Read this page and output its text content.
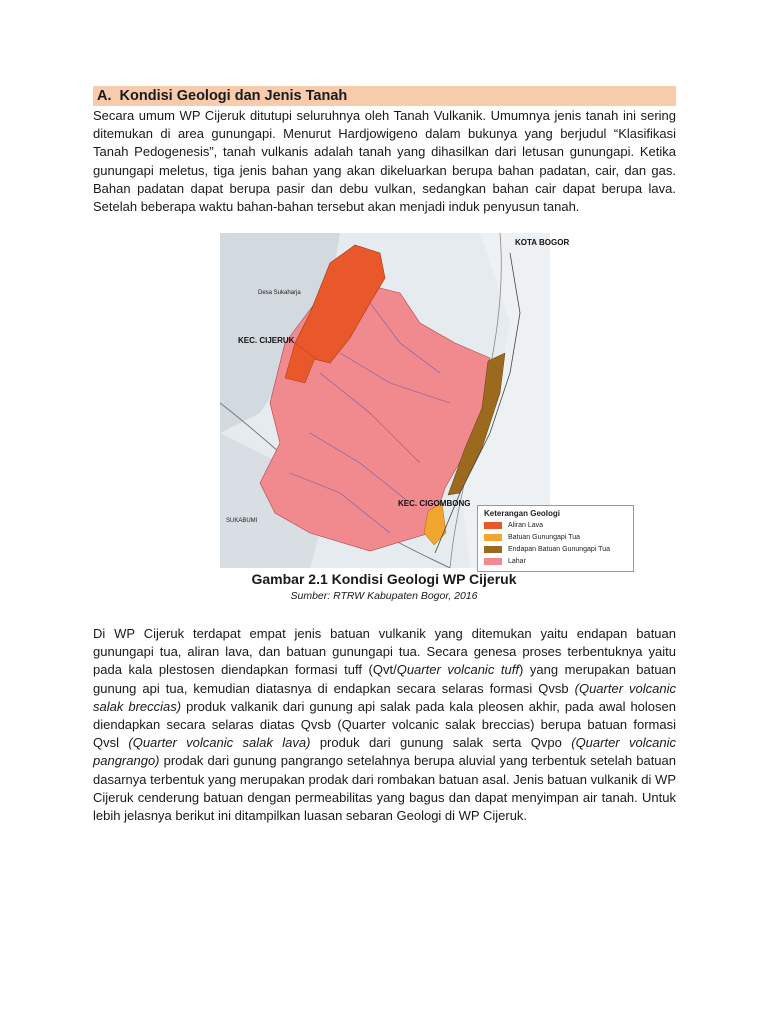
A. Kondisi Geologi dan Jenis Tanah

Secara umum WP Cijeruk ditutupi seluruhnya oleh Tanah Vulkanik. Umumnya jenis tanah ini sering ditemukan di area gunungapi. Menurut Hardjowigeno dalam bukunya yang berjudul “Klasifikasi Tanah Pedogenesis”, tanah vulkanis adalah tanah yang dihasilkan dari letusan gunungapi. Ketika gunungapi meletus, tiga jenis bahan yang akan dikeluarkan berupa bahan padatan, cair, dan gas. Bahan padatan dapat berupa pasir dan debu vulkan, sedangkan bahan cair dapat berupa lava. Setelah beberapa waktu bahan-bahan tersebut akan menjadi induk penyusun tanah.

KOTA BOGOR
Desa Sukaharja
KEC. CIJERUK
KEC. CIGOMBONG
SUKABUMI
Keterangan Geologi
Aliran Lava
Batuan Gunungapi Tua
Endapan Batuan Gunungapi Tua
Lahar
Gambar 2.1 Kondisi Geologi WP Cijeruk
Sumber: RTRW Kabupaten Bogor, 2016

Di WP Cijeruk terdapat empat jenis batuan vulkanik yang ditemukan yaitu endapan batuan gunungapi tua, aliran lava, dan batuan gunungapi tua. Secara genesa proses terbentuknya yaitu pada kala plestosen diendapkan formasi tuff (Qvt/Quarter volcanic tuff) yang merupakan batuan gunung api tua, kemudian diatasnya di endapkan secara selaras formasi Qvsb (Quarter volcanic salak breccias) produk valkanik dari gunung api salak pada kala pleosen akhir, pada awal holosen diendapkan secara selaras diatas Qvsb (Quarter volcanic salak breccias) berupa batuan formasi Qvsl (Quarter volcanic salak lava) produk dari gunung salak serta Qvpo (Quarter volcanic pangrango) prodak dari gunung pangrango setelahnya berupa aluvial yang terbentuk setelah batuan dasarnya terbentuk yang merupakan prodak dari rombakan batuan asal. Jenis batuan vulkanik di WP Cijeruk cenderung batuan dengan permeabilitas yang bagus dan dapat menyimpan air tanah. Untuk lebih jelasnya berikut ini ditampilkan luasan sebaran Geologi di WP Cijeruk.
